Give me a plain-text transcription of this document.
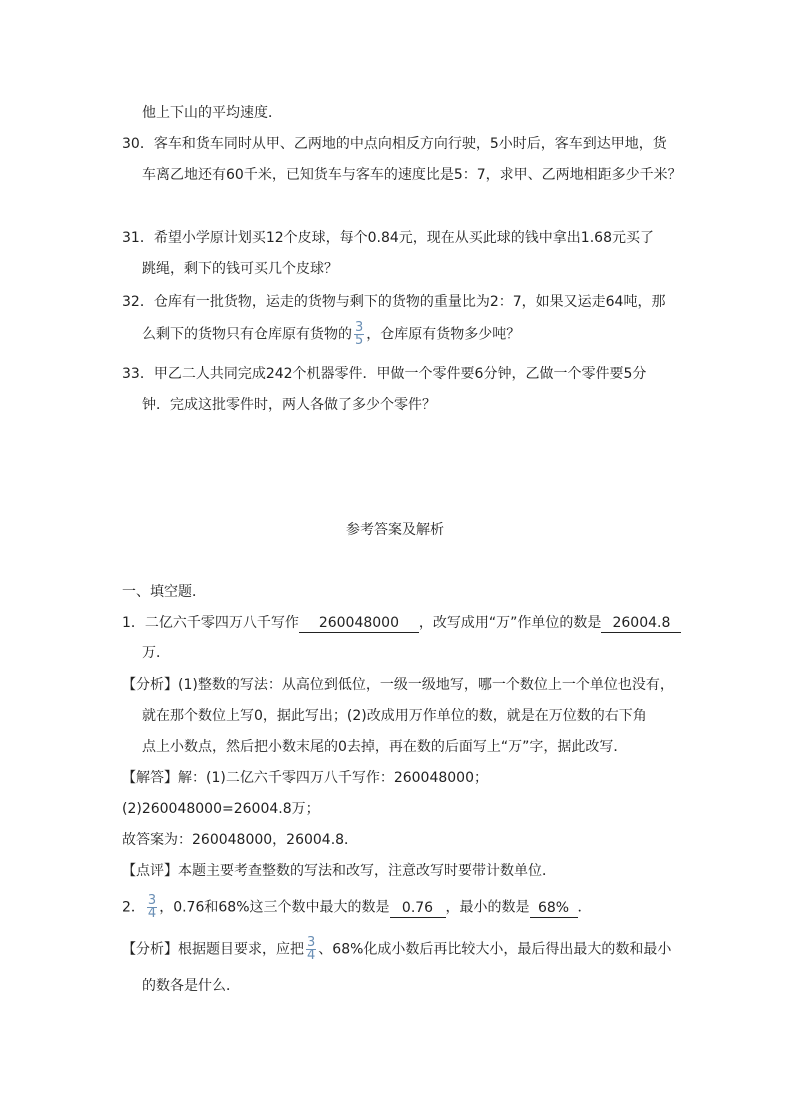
他上下山的平均速度．
30．客车和货车同时从甲、乙两地的中点向相反方向行驶，5小时后，客车到达甲地，货
车离乙地还有60千米，已知货车与客车的速度比是5：7，求甲、乙两地相距多少千米？
31．希望小学原计划买12个皮球，每个0.84元，现在从买此球的钱中拿出1.68元买了
跳绳，剩下的钱可买几个皮球？
32．仓库有一批货物，运走的货物与剩下的货物的重量比为2：7，如果又运走64吨，那
么剩下的货物只有仓库原有货物的 $\frac{3}{5}$ ，仓库原有货物多少吨？
33．甲乙二人共同完成242个机器零件．甲做一个零件要6分钟，乙做一个零件要5分
钟．完成这批零件时，两人各做了多少个零件？
参考答案及解析
一、填空题．
1．二亿六千零四万八千写作 260048000 ，改写成用“万”作单位的数是 26004.8
万．
【分析】(1)整数的写法：从高位到低位，一级一级地写，哪一个数位上一个单位也没有，
就在那个数位上写0，据此写出；(2)改成用万作单位的数，就是在万位数的右下角
点上小数点，然后把小数末尾的0去掉，再在数的后面写上“万”字，据此改写．
【解答】解：(1)二亿六千零四万八千写作：260048000；
(2)260048000=26004.8万；
故答案为：260048000，26004.8．
【点评】本题主要考查整数的写法和改写，注意改写时要带计数单位．
2． $\frac{3}{4}$ ，0.76和68%这三个数中最大的数是 0.76 ，最小的数是 68% ．
【分析】根据题目要求，应把 $\frac{3}{4}$ 、68%化成小数后再比较大小，最后得出最大的数和最小
的数各是什么．
